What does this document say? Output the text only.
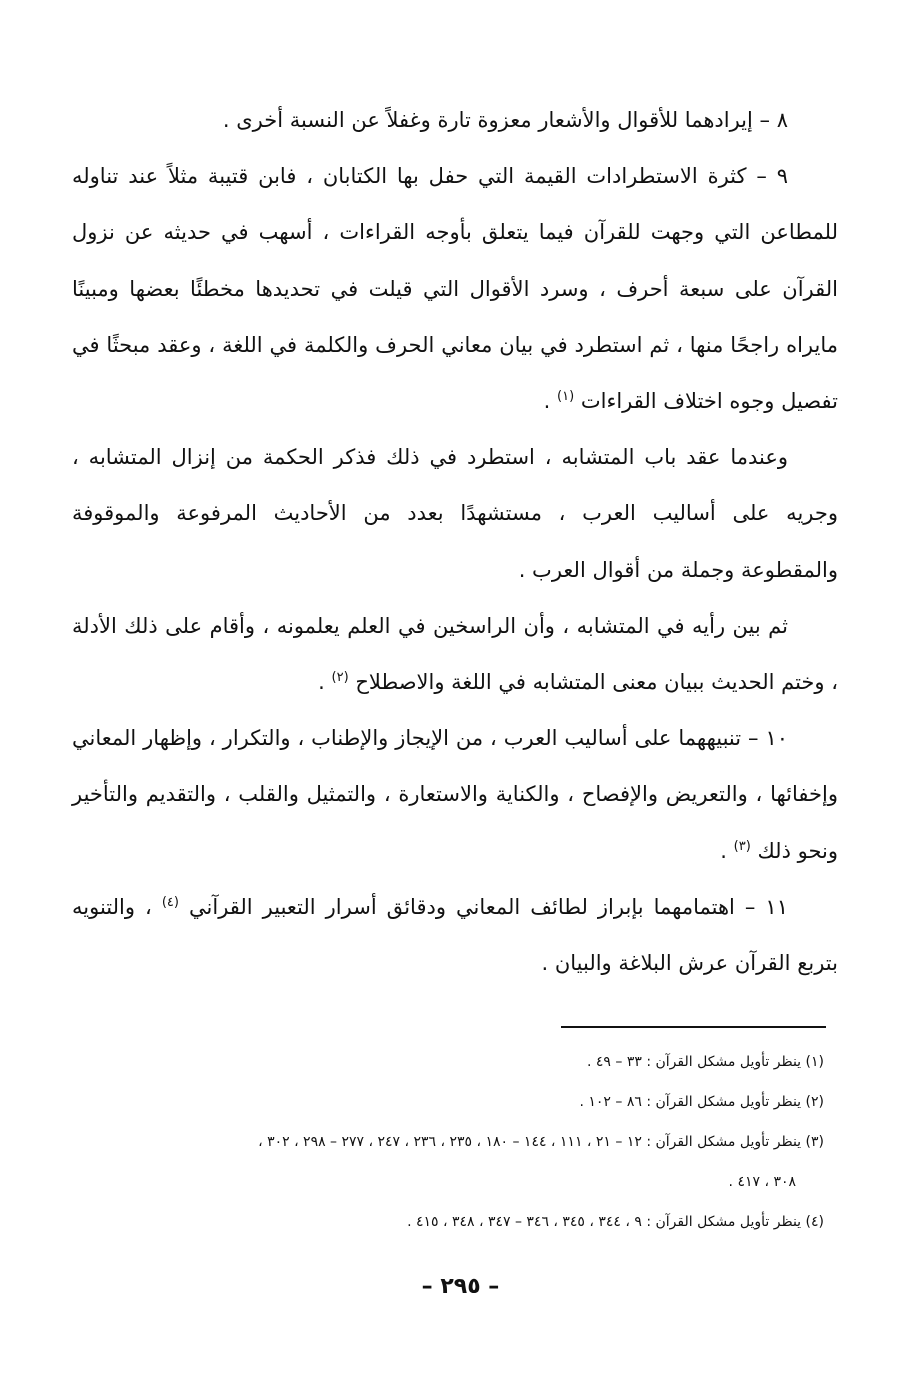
٨ – إيرادهما للأقوال والأشعار معزوة تارة وغفلاً عن النسبة أخرى .

٩ – كثرة الاستطرادات القيمة التي حفل بها الكتابان ، فابن قتيبة مثلاً عند تناوله للمطاعن التي وجهت للقرآن فيما يتعلق بأوجه القراءات ، أسهب في حديثه عن نزول القرآن على سبعة أحرف ، وسرد الأقوال التي قيلت في تحديدها مخطئًا بعضها ومبينًا مايراه راجحًا منها ، ثم استطرد في بيان معاني الحرف والكلمة في اللغة ، وعقد مبحثًا في تفصيل وجوه اختلاف القراءات $^{(١)}$ .

وعندما عقد باب المتشابه ، استطرد في ذلك فذكر الحكمة من إنزال المتشابه ، وجريه على أساليب العرب ، مستشهدًا بعدد من الأحاديث المرفوعة والموقوفة والمقطوعة وجملة من أقوال العرب .

ثم بين رأيه في المتشابه ، وأن الراسخين في العلم يعلمونه ، وأقام على ذلك الأدلة ، وختم الحديث ببيان معنى المتشابه في اللغة والاصطلاح $^{(٢)}$ .

١٠ – تنبيههما على أساليب العرب ، من الإيجاز والإطناب ، والتكرار ، وإظهار المعاني وإخفائها ، والتعريض والإفصاح ، والكناية والاستعارة ، والتمثيل والقلب ، والتقديم والتأخير ونحو ذلك $^{(٣)}$ .

١١ – اهتمامهما بإبراز لطائف المعاني ودقائق أسرار التعبير القرآني $^{(٤)}$ ، والتنويه بتربع القرآن عرش البلاغة والبيان .

(١) ينظر تأويل مشكل القرآن : ٣٣ – ٤٩ .

(٢) ينظر تأويل مشكل القرآن : ٨٦ – ١٠٢ .

(٣) ينظر تأويل مشكل القرآن : ١٢ – ٢١ ، ١١١ ، ١٤٤ – ١٨٠ ، ٢٣٥ ، ٢٣٦ ، ٢٤٧ ، ٢٧٧ – ٢٩٨ ، ٣٠٢ ،

٣٠٨ ، ٤١٧ .

(٤) ينظر تأويل مشكل القرآن : ٩ ، ٣٤٤ ، ٣٤٥ ، ٣٤٦ – ٣٤٧ ، ٣٤٨ ، ٤١٥ .

– ٢٩٥ –
